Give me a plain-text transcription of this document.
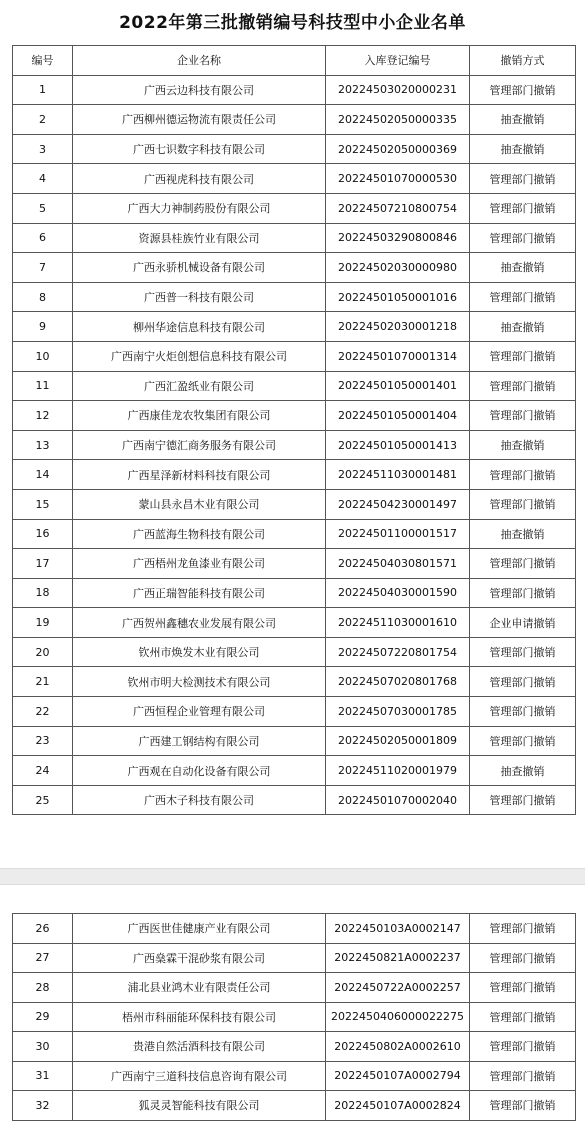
2022年第三批撤销编号科技型中小企业名单
编号	企业名称	入库登记编号	撤销方式
1	广西云边科技有限公司	20224503020000231	管理部门撤销
2	广西柳州德运物流有限责任公司	20224502050000335	抽查撤销
3	广西七识数字科技有限公司	20224502050000369	抽查撤销
4	广西视虎科技有限公司	20224501070000530	管理部门撤销
5	广西大力神制药股份有限公司	20224507210800754	管理部门撤销
6	资源县桂族竹业有限公司	20224503290800846	管理部门撤销
7	广西永骄机械设备有限公司	20224502030000980	抽查撤销
8	广西普一科技有限公司	20224501050001016	管理部门撤销
9	柳州华途信息科技有限公司	20224502030001218	抽查撤销
10	广西南宁火炬创想信息科技有限公司	20224501070001314	管理部门撤销
11	广西汇盈纸业有限公司	20224501050001401	管理部门撤销
12	广西康佳龙农牧集团有限公司	20224501050001404	管理部门撤销
13	广西南宁德汇商务服务有限公司	20224501050001413	抽查撤销
14	广西星泽新材料科技有限公司	20224511030001481	管理部门撤销
15	蒙山县永昌木业有限公司	20224504230001497	管理部门撤销
16	广西蓝海生物科技有限公司	20224501100001517	抽查撤销
17	广西梧州龙鱼漆业有限公司	20224504030801571	管理部门撤销
18	广西正瑞智能科技有限公司	20224504030001590	管理部门撤销
19	广西贺州鑫穗农业发展有限公司	20224511030001610	企业申请撤销
20	钦州市焕发木业有限公司	20224507220801754	管理部门撤销
21	钦州市明大检测技术有限公司	20224507020801768	管理部门撤销
22	广西恒程企业管理有限公司	20224507030001785	管理部门撤销
23	广西建工钢结构有限公司	20224502050001809	管理部门撤销
24	广西观在自动化设备有限公司	20224511020001979	抽查撤销
25	广西木子科技有限公司	20224501070002040	管理部门撤销
26	广西医世佳健康产业有限公司	2022450103A0002147	管理部门撤销
27	广西燊霖干混砂浆有限公司	2022450821A0002237	管理部门撤销
28	浦北县业鸿木业有限责任公司	2022450722A0002257	管理部门撤销
29	梧州市科丽能环保科技有限公司	2022450406000022275	管理部门撤销
30	贵港自然活酒科技有限公司	2022450802A0002610	管理部门撤销
31	广西南宁三道科技信息咨询有限公司	2022450107A0002794	管理部门撤销
32	狐灵灵智能科技有限公司	2022450107A0002824	管理部门撤销
